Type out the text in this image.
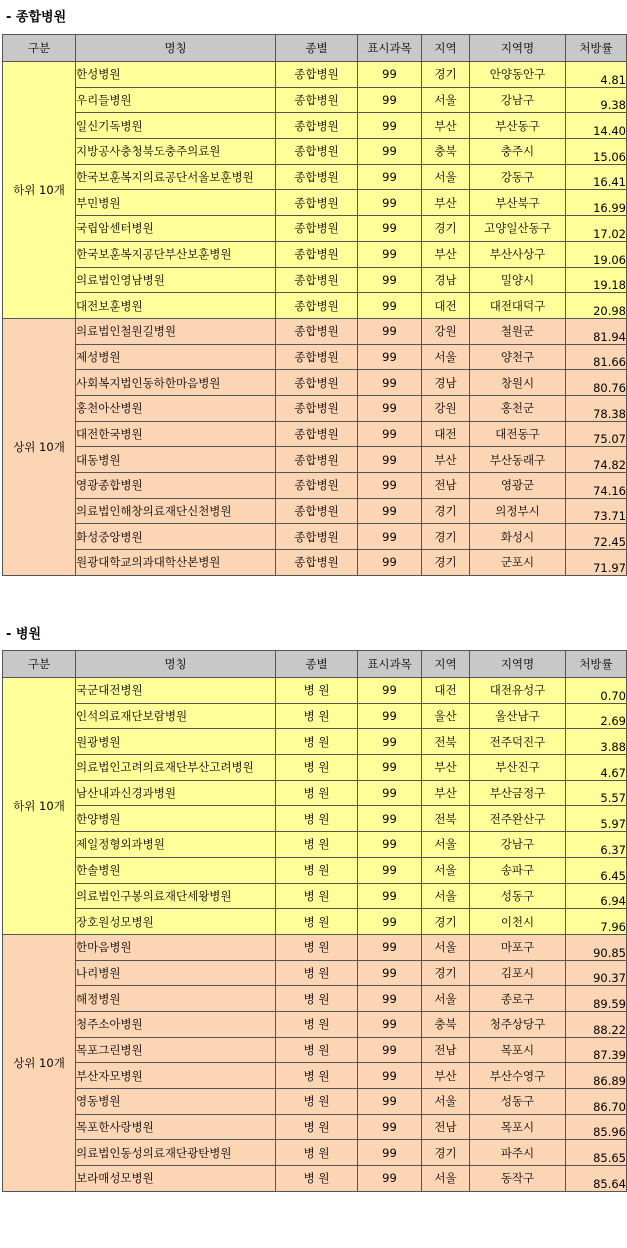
- 종합병원
구분	명칭	종별	표시과목	지역	지역명	처방률
하위 10개	한성병원	종합병원	99	경기	안양동안구	4.81
	우리들병원	종합병원	99	서울	강남구	9.38
	일신기독병원	종합병원	99	부산	부산동구	14.40
	지방공사충청북도충주의료원	종합병원	99	충북	충주시	15.06
	한국보훈복지의료공단서울보훈병원	종합병원	99	서울	강동구	16.41
	부민병원	종합병원	99	부산	부산북구	16.99
	국립암센터병원	종합병원	99	경기	고양일산동구	17.02
	한국보훈복지공단부산보훈병원	종합병원	99	부산	부산사상구	19.06
	의료법인영남병원	종합병원	99	경남	밀양시	19.18
	대전보훈병원	종합병원	99	대전	대전대덕구	20.98
상위 10개	의료법인철원길병원	종합병원	99	강원	철원군	81.94
	제성병원	종합병원	99	서울	양천구	81.66
	사회복지법인동하한마음병원	종합병원	99	경남	창원시	80.76
	홍천아산병원	종합병원	99	강원	홍천군	78.38
	대전한국병원	종합병원	99	대전	대전동구	75.07
	대동병원	종합병원	99	부산	부산동래구	74.82
	영광종합병원	종합병원	99	전남	영광군	74.16
	의료법인해창의료재단신천병원	종합병원	99	경기	의정부시	73.71
	화성중앙병원	종합병원	99	경기	화성시	72.45
	원광대학교의과대학산본병원	종합병원	99	경기	군포시	71.97
- 병원
구분	명칭	종별	표시과목	지역	지역명	처방률
하위 10개	국군대전병원	병 원	99	대전	대전유성구	0.70
	인석의료재단보람병원	병 원	99	울산	울산남구	2.69
	원광병원	병 원	99	전북	전주덕진구	3.88
	의료법인고려의료재단부산고려병원	병 원	99	부산	부산진구	4.67
	남산내과신경과병원	병 원	99	부산	부산금정구	5.57
	한양병원	병 원	99	전북	전주완산구	5.97
	제일정형외과병원	병 원	99	서울	강남구	6.37
	한솔병원	병 원	99	서울	송파구	6.45
	의료법인구봉의료재단세왕병원	병 원	99	서울	성동구	6.94
	장호원성모병원	병 원	99	경기	이천시	7.96
상위 10개	한마음병원	병 원	99	서울	마포구	90.85
	나리병원	병 원	99	경기	김포시	90.37
	해정병원	병 원	99	서울	종로구	89.59
	청주소아병원	병 원	99	충북	청주상당구	88.22
	목포그린병원	병 원	99	전남	목포시	87.39
	부산자모병원	병 원	99	부산	부산수영구	86.89
	영동병원	병 원	99	서울	성동구	86.70
	목포한사랑병원	병 원	99	전남	목포시	85.96
	의료법인동성의료재단광탄병원	병 원	99	경기	파주시	85.65
	보라매성모병원	병 원	99	서울	동작구	85.64
